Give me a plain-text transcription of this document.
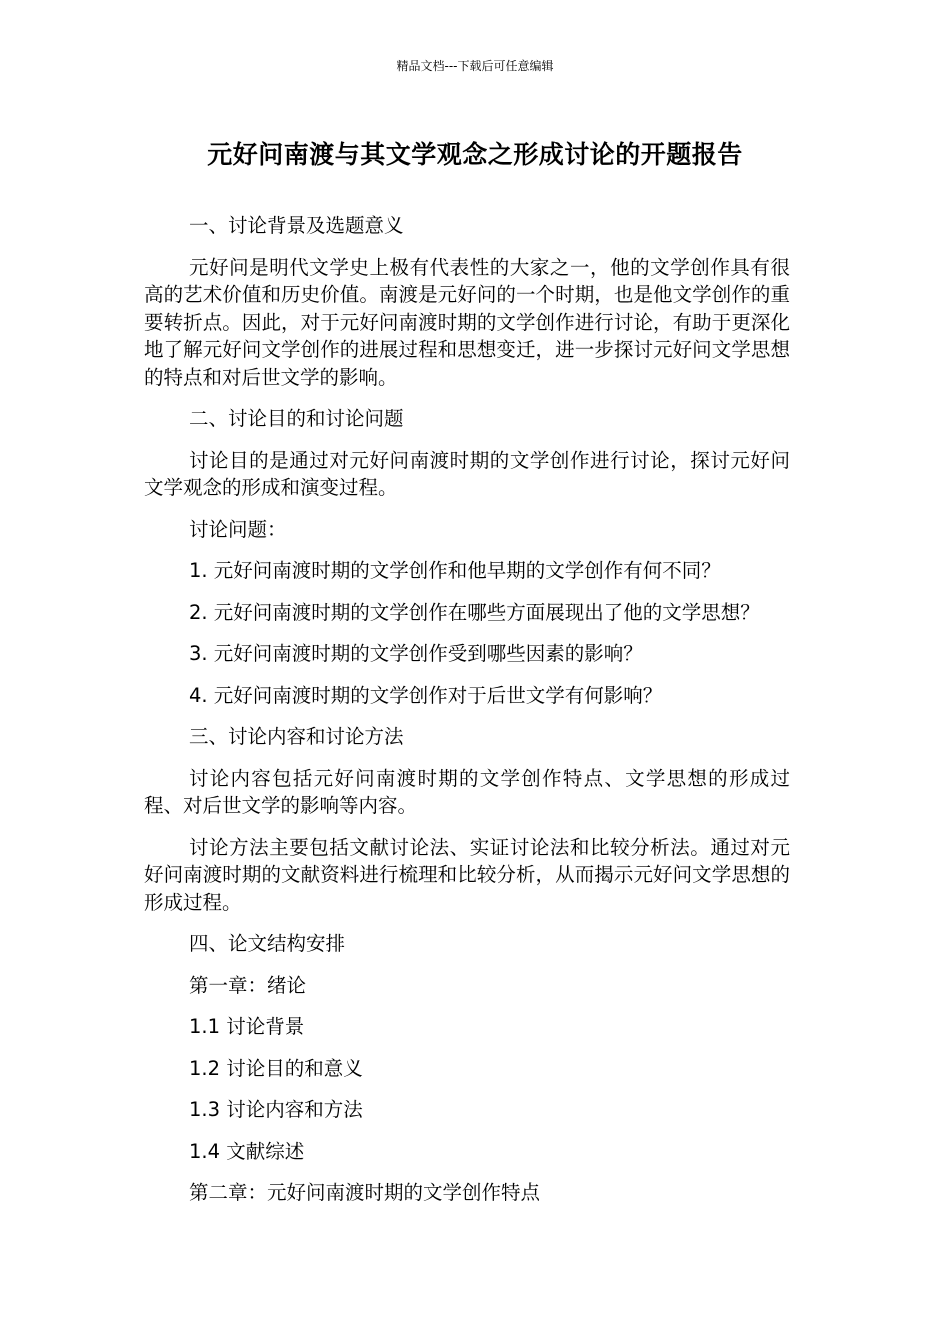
精品文档---下载后可任意编辑
元好问南渡与其文学观念之形成讨论的开题报告

一、讨论背景及选题意义

元好问是明代文学史上极有代表性的大家之一，他的文学创作具有很高的艺术价值和历史价值。南渡是元好问的一个时期，也是他文学创作的重要转折点。因此，对于元好问南渡时期的文学创作进行讨论，有助于更深化地了解元好问文学创作的进展过程和思想变迁，进一步探讨元好问文学思想的特点和对后世文学的影响。

二、讨论目的和讨论问题

讨论目的是通过对元好问南渡时期的文学创作进行讨论，探讨元好问文学观念的形成和演变过程。

讨论问题：

1. 元好问南渡时期的文学创作和他早期的文学创作有何不同？

2. 元好问南渡时期的文学创作在哪些方面展现出了他的文学思想？

3. 元好问南渡时期的文学创作受到哪些因素的影响？

4. 元好问南渡时期的文学创作对于后世文学有何影响？

三、讨论内容和讨论方法

讨论内容包括元好问南渡时期的文学创作特点、文学思想的形成过程、对后世文学的影响等内容。

讨论方法主要包括文献讨论法、实证讨论法和比较分析法。通过对元好问南渡时期的文献资料进行梳理和比较分析，从而揭示元好问文学思想的形成过程。

四、论文结构安排

第一章：绪论

1.1 讨论背景

1.2 讨论目的和意义

1.3 讨论内容和方法

1.4 文献综述

第二章：元好问南渡时期的文学创作特点
